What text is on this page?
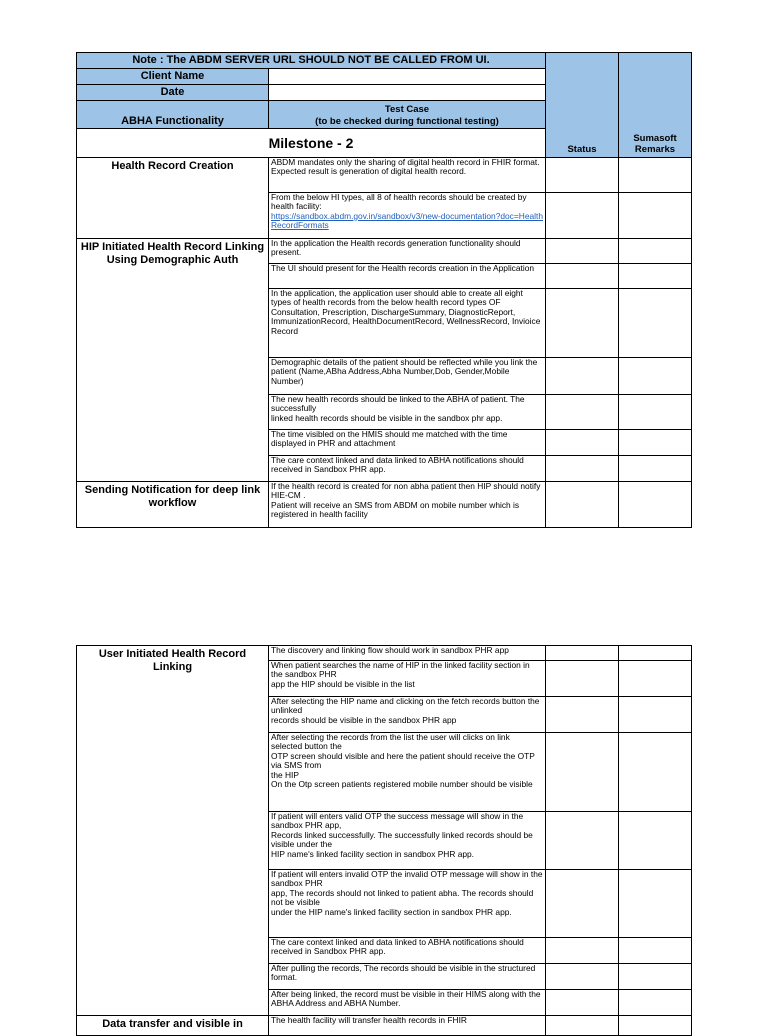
Note : The ABDM SERVER URL SHOULD NOT BE CALLED FROM UI.		Status	Sumasoft Remarks
Client Name			
Date			
ABHA Functionality	Test Case
(to be checked during functional testing)		

Milestone - 2			
Health Record Creation	ABDM mandates only the sharing of digital health record in FHIR format. Expected result is generation of digital health record.		
	From the below HI types, all 8 of health records should be created by health facility:
https://sandbox.abdm.gov.in/sandbox/v3/new-documentation?doc=HealthRecordFormats		
HIP Initiated Health Record Linking Using Demographic Auth	In the application the Health records generation functionality should present.		
	The UI should present for the Health records creation in the Application		

	In the application, the application user should able to create all eight types of health records from the below health record types OF Consultation, Prescription, DischargeSummary, DiagnosticReport,
ImmunizationRecord, HealthDocumentRecord, WellnessRecord, Invioice Record		

	Demographic details of the patient should be reflected while you link the patient (Name,ABha Address,Abha Number,Dob, Gender,Mobile Number)		

	The new health records should be linked to the ABHA of patient. The successfully
linked health records should be visible in the sandbox phr app.		

	The time visibled on the HMIS should me matched with the time displayed in PHR and attachment		
	The care context linked and data linked to ABHA notifications should received in Sandbox PHR app.		
Sending Notification for deep link workflow	If the health record is created for non abha patient then HIP should notify HIE-CM .
Patient will receive an SMS from ABDM on mobile number which is registered in health facility		

User Initiated Health Record Linking	The discovery and linking flow should work in sandbox PHR app		

	When patient searches the name of HIP in the linked facility section in the sandbox PHR
app the HIP should be visible in the list		

	After selecting the HIP name and clicking on the fetch records button the unlinked
records should be visible in the sandbox PHR app		

	After selecting the records from the list the user will clicks on link selected button the
OTP screen should visible and here the patient should receive the OTP via SMS from
the HIP
On the Otp screen patients registered mobile number should be visible		

	If patient will enters valid OTP the success message will show in the sandbox PHR app,
Records linked successfully. The successfully linked records should be visible under the
HIP name's linked facility section in sandbox PHR app.		

	If patient will enters invalid OTP the invalid OTP message will show in the sandbox PHR
app, The records should not linked to patient abha. The records should not be visible
under the HIP name's linked facility section in sandbox PHR app.		

	The care context linked and data linked to ABHA notifications should received in Sandbox PHR app.		
	After pulling the records, The records should be visible in the structured format.		
	After being linked, the record must be visible in their HIMS along with the ABHA Address and ABHA Number.		
Data transfer and visible in	The health facility will transfer health records in FHIR		
